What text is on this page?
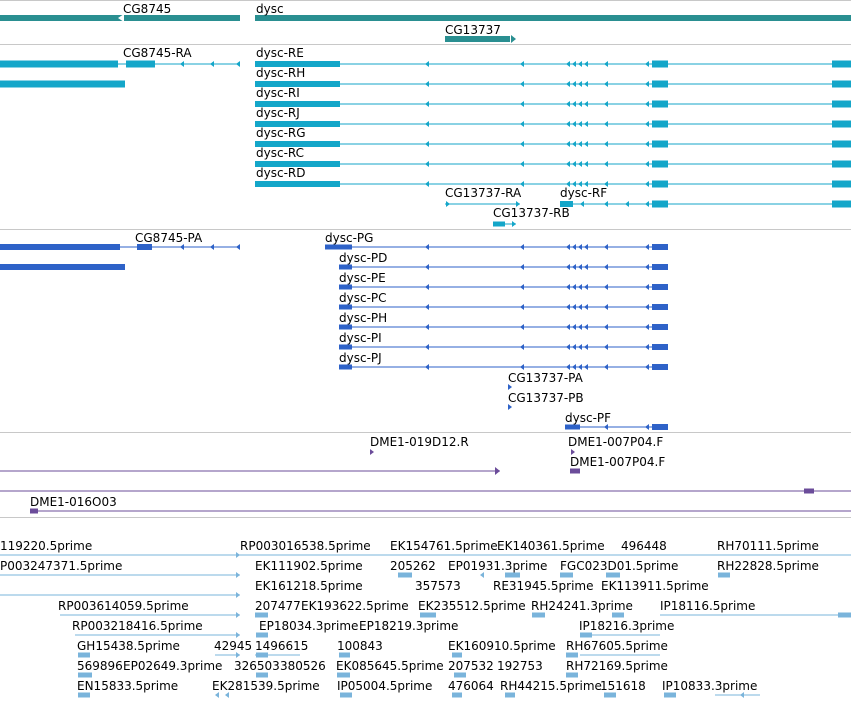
CG8745	dysc
CG13737
CG8745-RA	dysc-RE
dysc-RH
dysc-RI
dysc-RJ
dysc-RG
dysc-RC
dysc-RD
CG13737-RA	dysc-RF
CG13737-RB
CG8745-PA	dysc-PG
dysc-PD
dysc-PE
dysc-PC
dysc-PH
dysc-PI
dysc-PJ
CG13737-PA
CG13737-PB
dysc-PF
DME1-019D12.R	DME1-007P04.F
DME1-007P04.F
DME1-016O03
119220.5prime	RP003016538.5prime EK154761.5prime EK140361.5prime 496448	RH70111.5prime
P003247371.5prime	EK111902.5prime 205262 EP01931.3prime FGC023D01.5prime	RH22828.5prime
EK161218.5prime	357573	RE31945.5prime EK113911.5prime
RP003614059.5prime	207477 EK193622.5prime EK235512.5prime RH24241.3prime IP18116.5prime
RP003218416.5prime	EP18034.3prime EP18219.3prime	IP18216.3prime
GH15438.5prime	42945 1496615 100843	EK160910.5prime RH67605.5prime
569896 EP02649.3prime 326503 380526 EK085645.5prime 207532 192753 RH72169.5prime
EN15833.5prime	EK281539.5prime IP05004.5prime 476064 RH44215.5prime
151618 IP10833.3prime
